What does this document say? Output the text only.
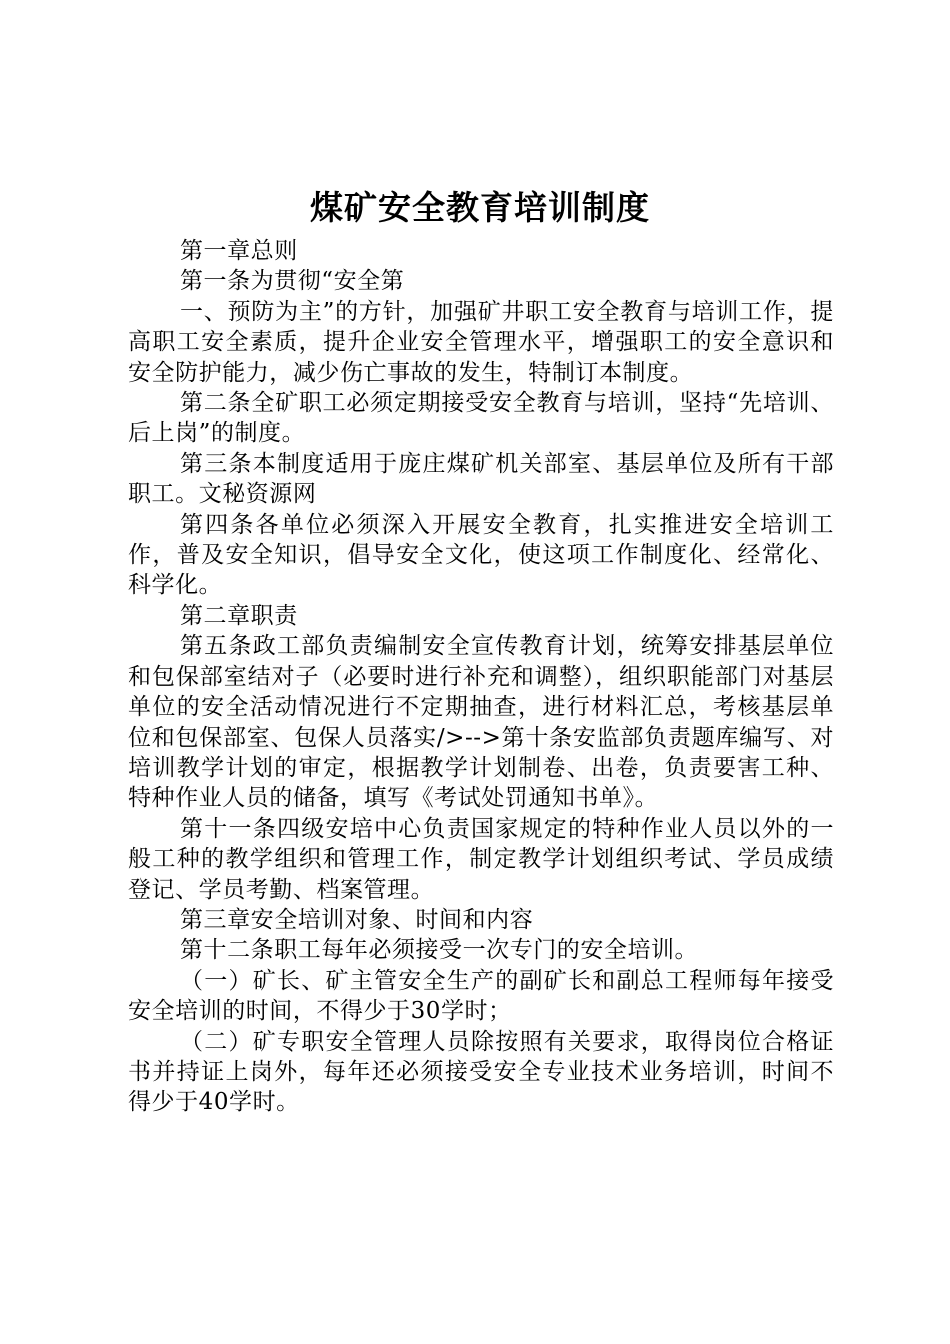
煤矿安全教育培训制度

第一章总则

第一条为贯彻“安全第

一、预防为主”的方针，加强矿井职工安全教育与培训工作，提高职工安全素质，提升企业安全管理水平，增强职工的安全意识和安全防护能力，减少伤亡事故的发生，特制订本制度。

第二条全矿职工必须定期接受安全教育与培训，坚持“先培训、后上岗”的制度。

第三条本制度适用于庞庄煤矿机关部室、基层单位及所有干部职工。文秘资源网

第四条各单位必须深入开展安全教育，扎实推进安全培训工作，普及安全知识，倡导安全文化，使这项工作制度化、经常化、科学化。

第二章职责

第五条政工部负责编制安全宣传教育计划，统筹安排基层单位和包保部室结对子（必要时进行补充和调整），组织职能部门对基层单位的安全活动情况进行不定期抽查，进行材料汇总，考核基层单位和包保部室、包保人员落实/>-->第十条安监部负责题库编写、对培训教学计划的审定，根据教学计划制卷、出卷，负责要害工种、特种作业人员的储备，填写《考试处罚通知书单》。

第十一条四级安培中心负责国家规定的特种作业人员以外的一般工种的教学组织和管理工作，制定教学计划组织考试、学员成绩登记、学员考勤、档案管理。

第三章安全培训对象、时间和内容

第十二条职工每年必须接受一次专门的安全培训。

（一）矿长、矿主管安全生产的副矿长和副总工程师每年接受安全培训的时间，不得少于30学时；

（二）矿专职安全管理人员除按照有关要求，取得岗位合格证书并持证上岗外，每年还必须接受安全专业技术业务培训，时间不得少于40学时。
